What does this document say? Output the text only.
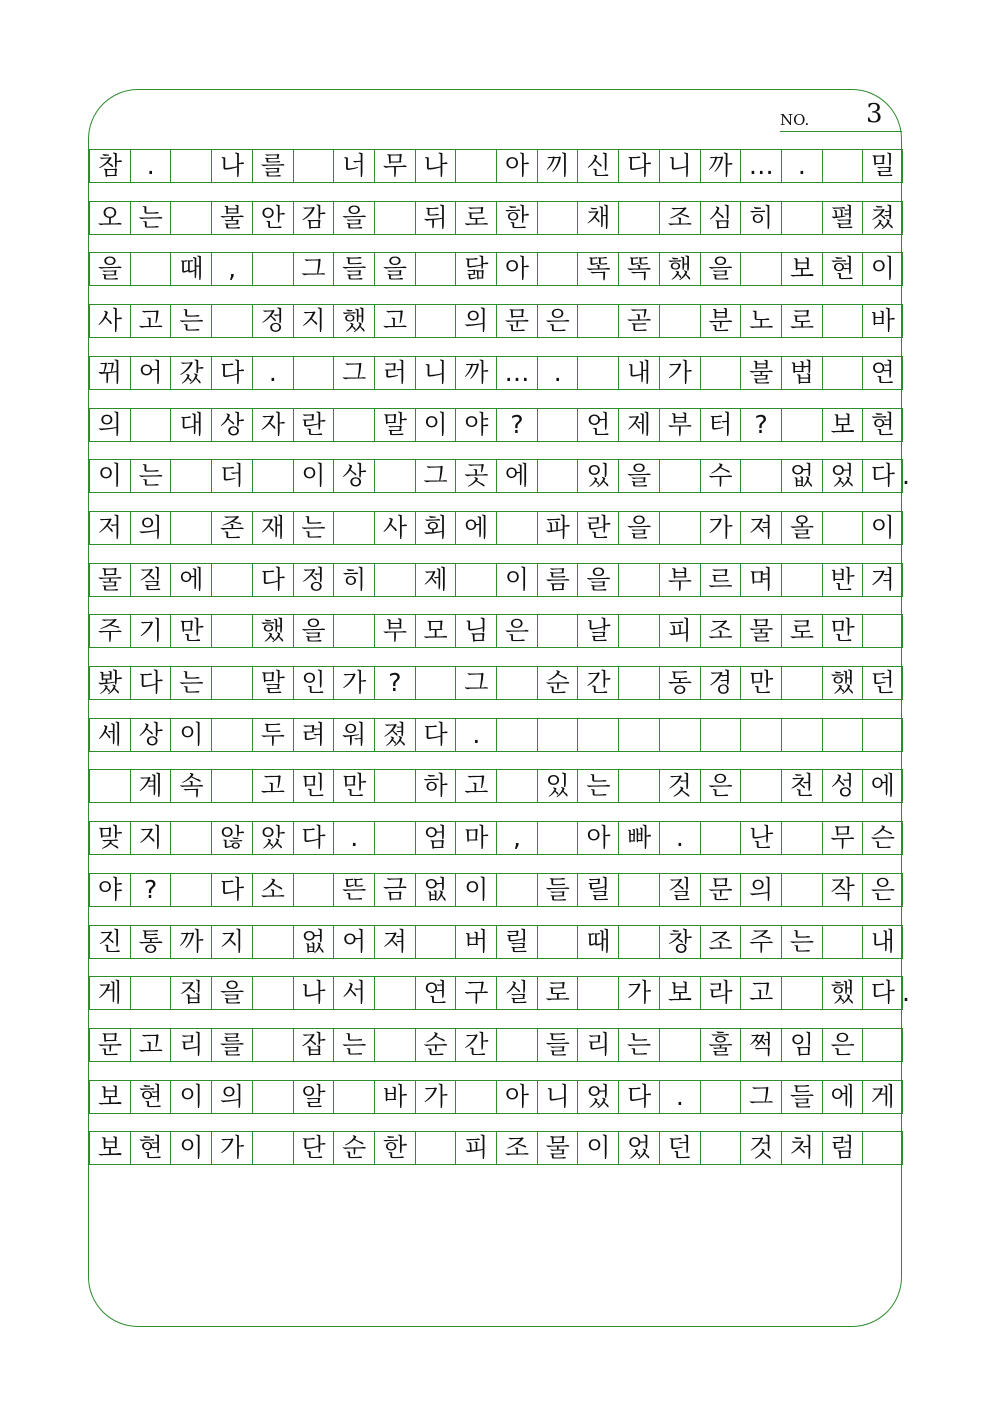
NO. 3
참 .	나 를	너 무 나	아 끼 신 다 니 까 … .	밀
오 는	불 안 감 을	뒤 로 한	채	조 심 히	펼 쳤
을	때 ,	그 들 을	닮 아	똑 똑 했 을	보 현 이
사 고 는	정 지 했 고	의 문 은	곧	분 노 로	바
뀌 어 갔 다 .	그 러 니 까 … .	내 가	불 법	연
의	대 상 자 란	말 이 야 ?	언 제 부 터 ?	보 현
이 는	더	이 상	그 곳 에	있 을	수	없 었 다 .
저 의	존 재 는	사 회 에	파 란 을	가 져 올	이
물 질 에	다 정 히	제	이 름 을	부 르 며	반 겨
주 기 만	했 을	부 모 님 은	날	피 조 물 로 만
봤 다 는	말 인 가 ?	그	순 간	동 경 만	했 던
세 상 이	두 려 워 졌 다 .
계 속	고 민 만	하 고	있 는	것 은	천 성 에
맞 지	않 았 다 .	엄 마 ,	아 빠 .	난	무 슨
야 ?	다 소	뜬 금 없 이	들 릴	질 문 의	작 은
진 통 까 지	없 어 져	버 릴	때	창 조 주 는	내
게	집 을	나 서	연 구 실 로	가 보 라 고	했 다 .
문 고 리 를	잡 는	순 간	들 리 는	훌 쩍 임 은
보 현 이 의	알	바 가	아 니 었 다 .	그 들 에 게
보 현 이 가	단 순 한	피 조 물 이 었 던	것 처 럼
